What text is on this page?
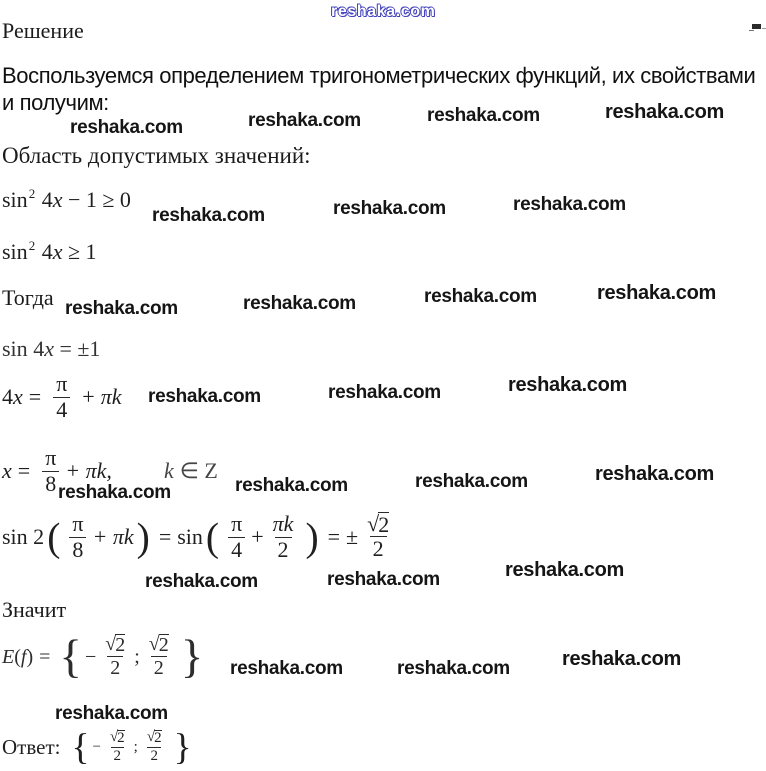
reshaka.com
Решение
Воспользуемся определением тригонометрических функций, их свойствами и получим:
Область допустимых значений:
reshaka.com	reshaka.com	reshaka.com	reshaka.com
reshaka.com	reshaka.com	reshaka.com
reshaka.com	reshaka.com	reshaka.com	reshaka.com
reshaka.com	reshaka.com	reshaka.com
reshaka.com	reshaka.com	reshaka.com	reshaka.com
reshaka.com	reshaka.com	reshaka.com
reshaka.com	reshaka.com	reshaka.com
reshaka.com
$\sin^2 4x - 1 \ge 0$
$\sin^2 4x \ge 1$
Тогда
sin 4x = ±1
4 $x = \frac{\pi}{4} + \pi k$
$x = \frac{\pi}{8} + \pi k$, k ∈ Z
sin 2 ( $\frac{\pi}{8} + \pi k$ ) = sin ( $\frac{\pi}{4} + \frac{\pi k}{2}$ ) = ± $\frac{√ 2}{2}$
Значит
E ( f ) = { − $\frac{√ 2}{2}$ ; $\frac{√ 2}{2}$ }
Ответ: { − $\frac{√ 2}{2}$ ; $\frac{√ 2}{2}$ }
